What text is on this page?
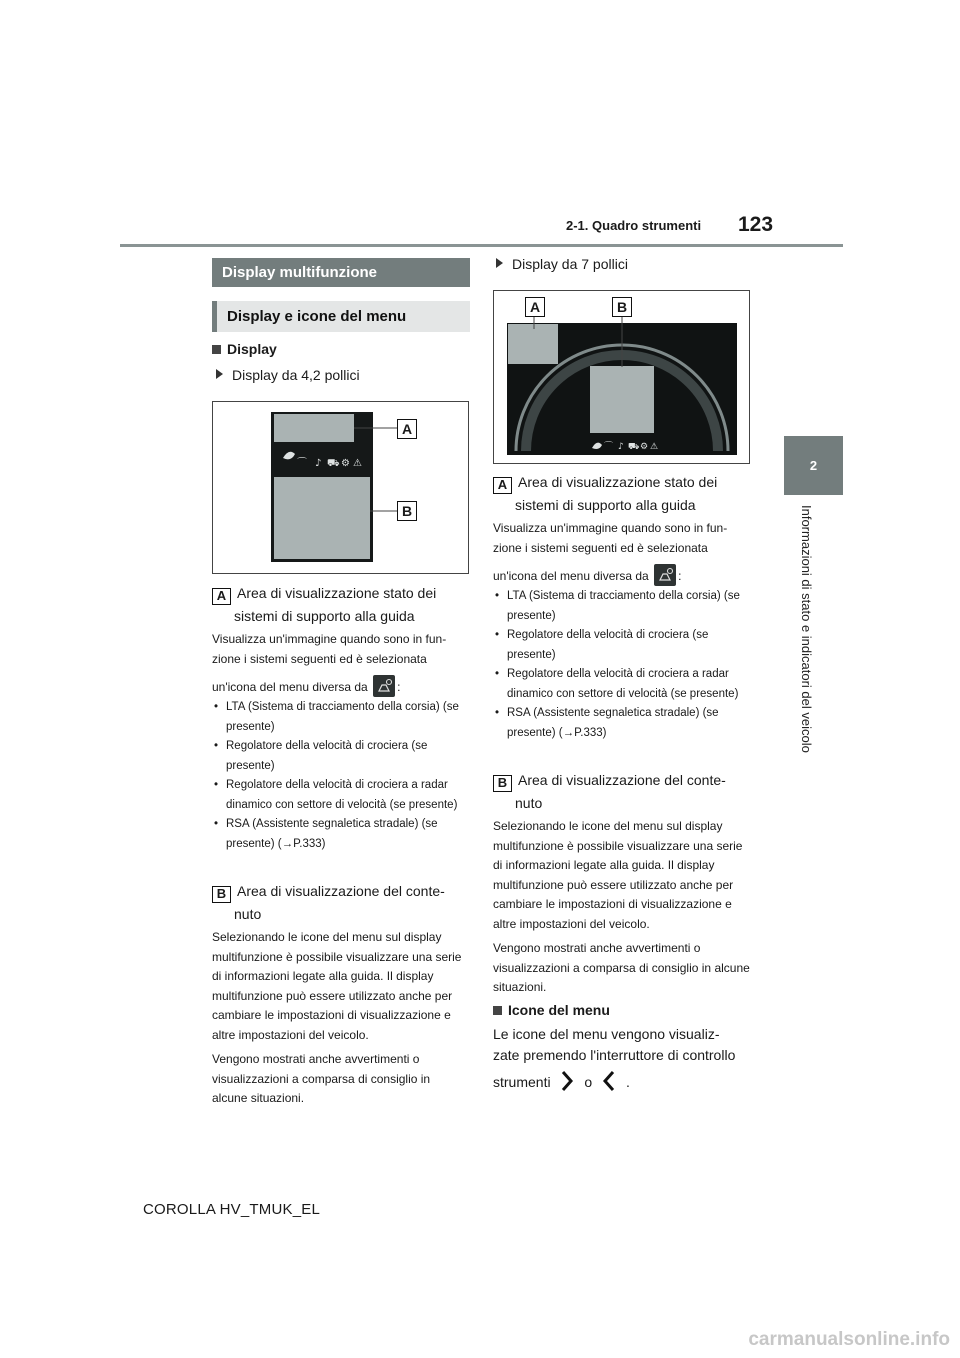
2-1. Quadro strumenti 123
2
Informazioni di stato e indicatori del veicolo
Display multifunzione
Display e icone del menu
Display
Display da 4,2 pollici
⌒ ♪ ⛟ ⚙ ⚠
A
B
A Area di visualizzazione stato dei
sistemi di supporto alla guida
Visualizza un'immagine quando sono in fun-
zione i sistemi seguenti ed è selezionata
un'icona del menu diversa da :
• LTA (Sistema di tracciamento della corsia) (se presente)
• Regolatore della velocità di crociera (se presente)
• Regolatore della velocità di crociera a radar dinamico con settore di velocità (se presente)
• RSA (Assistente segnaletica stradale) (se presente) (→P.333)
B Area di visualizzazione del conte-
nuto

Selezionando le icone del menu sul display multifunzione è possibile visualizzare una serie di informazioni legate alla guida. Il display multifunzione può essere utilizzato anche per cambiare le impostazioni di visualizzazione e altre impostazioni del veicolo.

Vengono mostrati anche avvertimenti o visualizzazioni a comparsa di consiglio in alcune situazioni.

Display da 7 pollici
⌒ ♪ ⛟ ⚙ ⚠
A	B
A Area di visualizzazione stato dei
sistemi di supporto alla guida
Visualizza un'immagine quando sono in fun-
zione i sistemi seguenti ed è selezionata
un'icona del menu diversa da :
• LTA (Sistema di tracciamento della corsia) (se presente)
• Regolatore della velocità di crociera (se presente)
• Regolatore della velocità di crociera a radar dinamico con settore di velocità (se presente)
• RSA (Assistente segnaletica stradale) (se presente) (→P.333)
B Area di visualizzazione del conte-
nuto

Selezionando le icone del menu sul display multifunzione è possibile visualizzare una serie di informazioni legate alla guida. Il display multifunzione può essere utilizzato anche per cambiare le impostazioni di visualizzazione e altre impostazioni del veicolo.

Vengono mostrati anche avvertimenti o visualizzazioni a comparsa di consiglio in alcune situazioni.

Icone del menu
Le icone del menu vengono visualiz-
zate premendo l'interruttore di controllo
strumenti o .
COROLLA HV_TMUK_EL
carmanualsonline.info
